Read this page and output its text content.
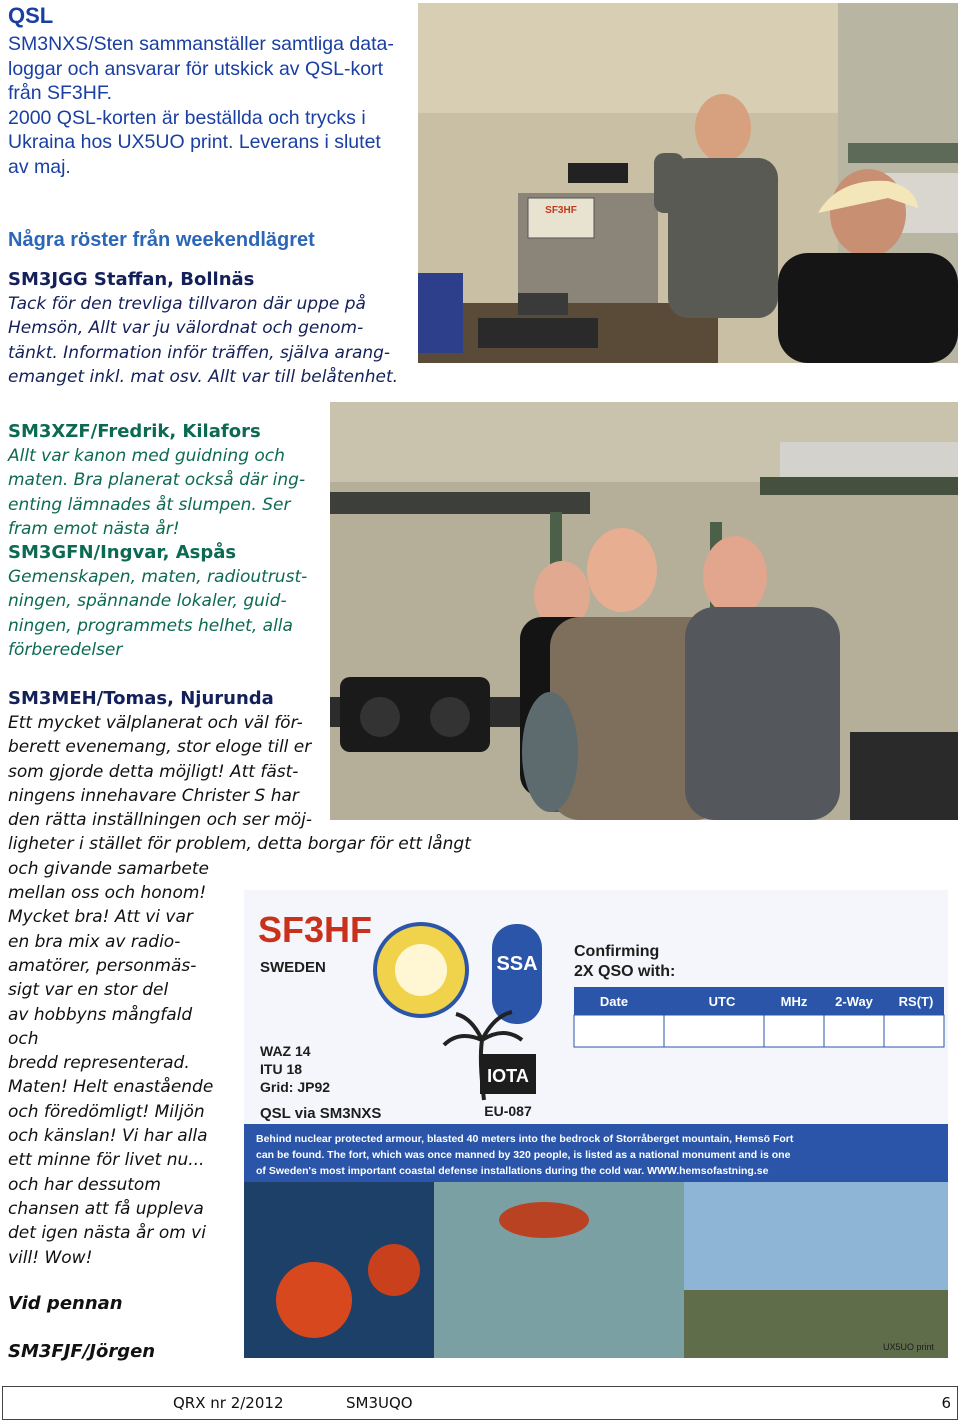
QSL
SM3NXS/Sten sammanställer samtliga data-
loggar och ansvarar för utskick av QSL-kort
från SF3HF.
2000 QSL-korten är beställda och trycks i
Ukraina hos UX5UO print. Leverans i slutet
av maj.
Några röster från weekendlägret
SM3JGG Staffan, Bollnäs
Tack för den trevliga tillvaron där uppe på
Hemsön, Allt var ju välordnat och genom-
tänkt. Information inför träffen, själva arang-
emanget inkl. mat osv. Allt var till belåtenhet.
SM3XZF/Fredrik, Kilafors
Allt var kanon med guidning och
maten. Bra planerat också där ing-
enting lämnades åt slumpen. Ser
fram emot nästa år!
SM3GFN/Ingvar, Aspås
Gemenskapen, maten, radioutrust-
ningen, spännande lokaler, guid-
ningen, programmets helhet, alla
förberedelser
SF3HF
SM3MEH/Tomas, Njurunda
Ett mycket välplanerat och väl för-
berett evenemang, stor eloge till er
som gjorde detta möjligt! Att fäst-
ningens innehavare Christer S har
den rätta inställningen och ser möj-
ligheter i stället för problem, detta borgar för ett långt
och givande samarbete
mellan oss och honom!
Mycket bra! Att vi var
en bra mix av radio-
amatörer, personmäs-
sigt var en stor del
av hobbyns mångfald
och
bredd representerad.
Maten! Helt enastående
och föredömligt! Miljön
och känslan! Vi har alla
ett minne för livet nu...
och har dessutom
chansen att få uppleva
det igen nästa år om vi
vill! Wow!
Vid pennan
SM3FJF/Jörgen
SF3HF
SWEDEN	SSA
Confirming
2X QSO with:
Date	UTC	MHz 2-Way RS(T)
WAZ 14
ITU 18
Grid: JP92
QSL via SM3NXS
IOTA
EU-087
Behind nuclear protected armour, blasted 40 meters into the bedrock of Storråberget mountain, Hemsö Fort
can be found. The fort, which was once manned by 320 people, is listed as a national monument and is one
of Sweden's most important coastal defense installations during the cold war. WWW.hemsofastning.se
UX5UO print
QRX nr 2/2012	SM3UQO	6
